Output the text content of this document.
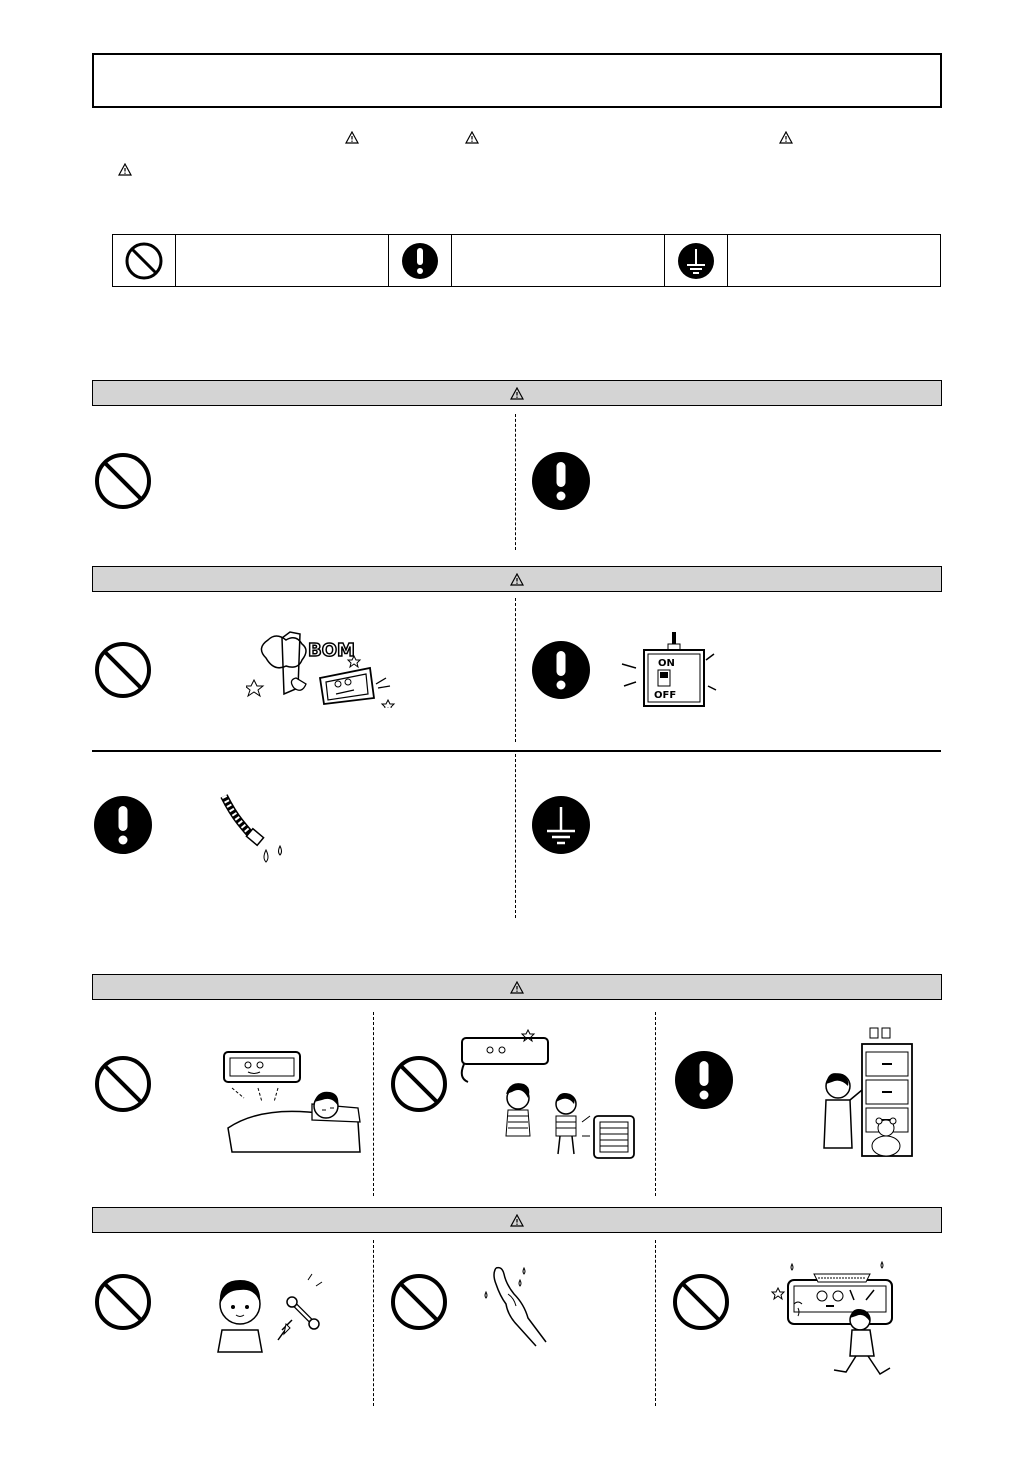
BOM
ON
OFF
